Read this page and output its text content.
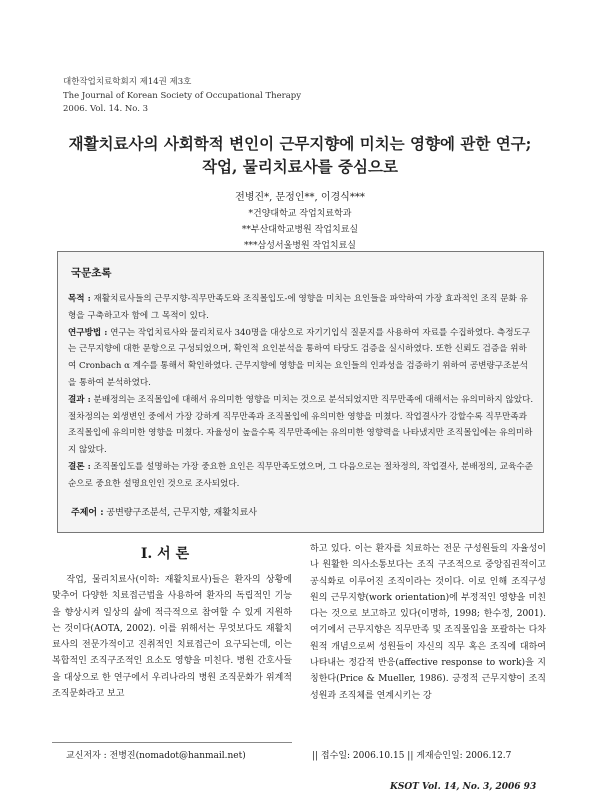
대한작업치료학회지 제14권 제3호
The Journal of Korean Society of Occupational Therapy
2006. Vol. 14. No. 3
재활치료사의 사회학적 변인이 근무지향에 미치는 영향에 관한 연구;
작업, 물리치료사를 중심으로
전병진*, 문정인**, 이경식***
*건양대학교 작업치료학과
**부산대학교병원 작업치료실
***삼성서울병원 작업치료실
국문초록

목적 : 재활치료사들의 근무지향-직무만족도와 조직몰입도-에 영향을 미치는 요인들을 파악하여 가장 효과적인 조직 문화 유형을 구축하고자 함에 그 목적이 있다.

연구방법 : 연구는 작업치료사와 물리치료사 340명을 대상으로 자기기입식 질문지를 사용하여 자료를 수집하였다. 측정도구는 근무지향에 대한 문항으로 구성되었으며, 확인적 요인분석을 통하여 타당도 검증을 실시하였다. 또한 신뢰도 검증을 위하여 Cronbach α 계수를 통해서 확인하였다. 근무지향에 영향을 미치는 요인들의 인과성을 검증하기 위하여 공변량구조분석을 통하여 분석하였다.

결과 : 분배정의는 조직몰입에 대해서 유의미한 영향을 미치는 것으로 분석되었지만 직무만족에 대해서는 유의미하지 않았다. 절차정의는 외생변인 중에서 가장 강하게 직무만족과 조직몰입에 유의미한 영향을 미쳤다. 작업결사가 강할수록 직무만족과 조직몰입에 유의미한 영향을 미쳤다. 자율성이 높을수록 직무만족에는 유의미한 영향력을 나타냈지만 조직몰입에는 유의미하지 않았다.

결론 : 조직몰입도를 설명하는 가장 중요한 요인은 직무만족도였으며, 그 다음으로는 절차정의, 작업결사, 분배정의, 교육수준 순으로 중요한 설명요인인 것으로 조사되었다.

주제어 : 공변량구조분석, 근무지향, 재활치료사
Ⅰ. 서 론
작업, 물리치료사(이하: 재활치료사)들은 환자의 상황에 맞추어 다양한 치료접근법을 사용하여 환자의 독립적인 기능을 향상시켜 일상의 삶에 적극적으로 참여할 수 있게 지원하는 것이다(AOTA, 2002). 이를 위해서는 무엇보다도 재활치료사의 전문가적이고 진취적인 치료접근이 요구되는데, 이는 복합적인 조직구조적인 요소도 영향을 미친다. 병원 간호사들을 대상으로 한 연구에서 우리나라의 병원 조직문화가 위계적 조직문화라고 보고
하고 있다. 이는 환자를 치료하는 전문 구성원들의 자율성이나 원활한 의사소통보다는 조직 구조적으로 중앙집권적이고 공식화로 이루어진 조직이라는 것이다. 이로 인해 조직구성원의 근무지향(work orientation)에 부정적인 영향을 미친다는 것으로 보고하고 있다(이명하, 1998; 한수정, 2001). 여기에서 근무지향은 직무만족 및 조직몰입을 포괄하는 다차원적 개념으로써 성원들이 자신의 직무 혹은 조직에 대하여 나타내는 정감적 반응(affective response to work)을 지칭한다(Price & Mueller, 1986). 긍정적 근무지향이 조직성원과 조직체를 연계시키는 강
교신저자 : 전병진(nomadot@hanmail.net)	|| 접수일: 2006.10.15 || 게재승인일: 2006.12.7
KSOT Vol. 14, No. 3, 2006 93
